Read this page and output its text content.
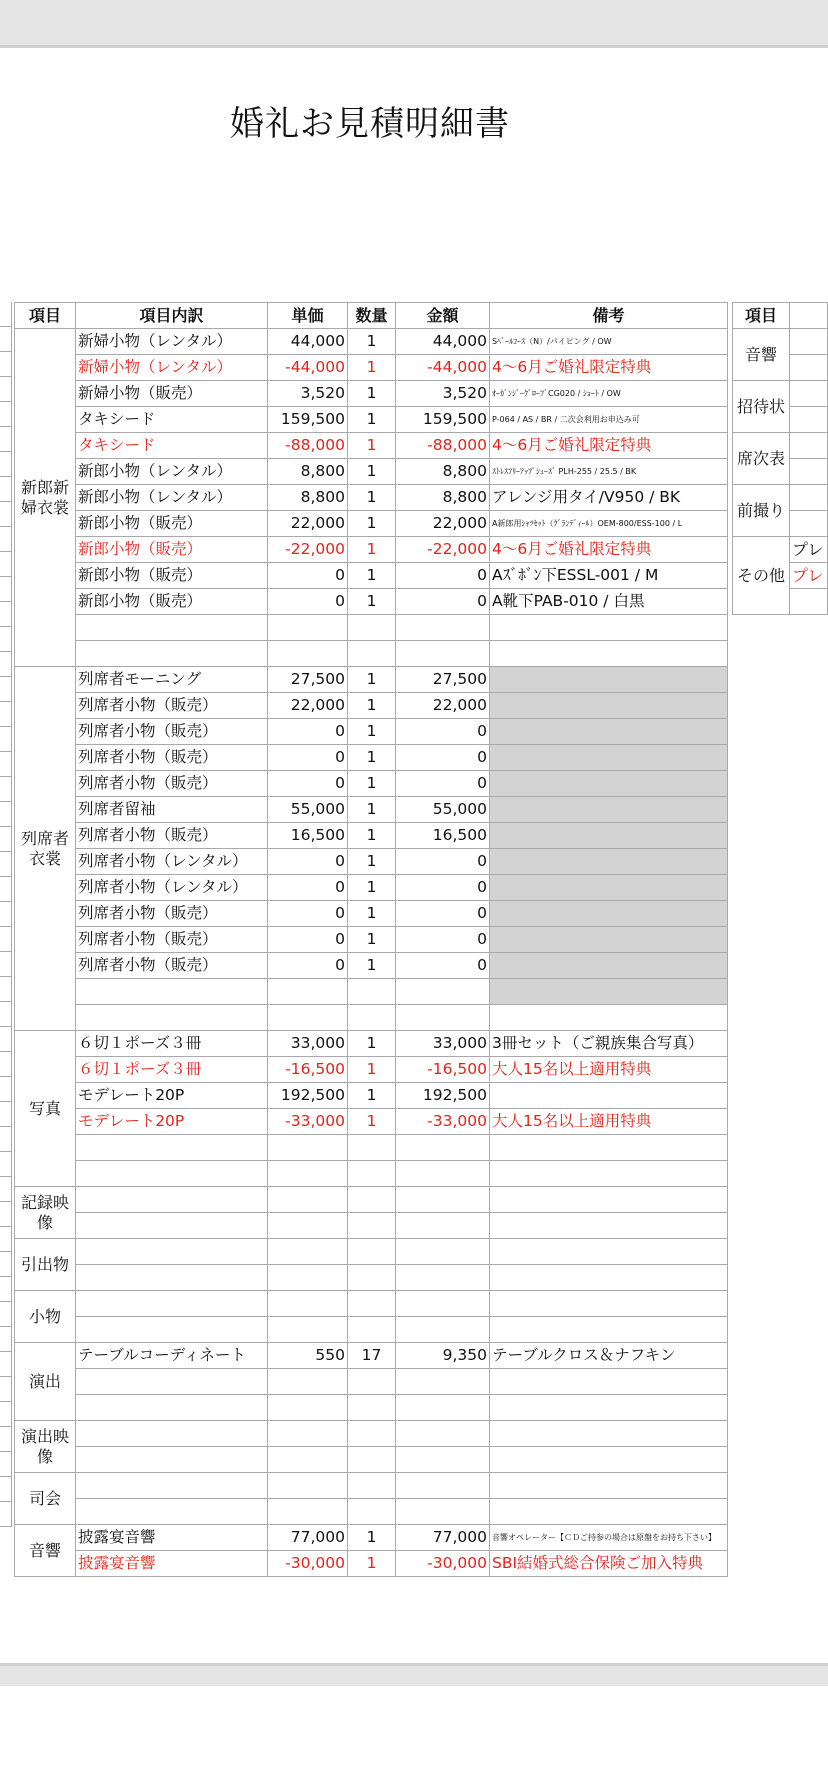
婚礼お見積明細書
項目	項目内訳	単価	数量	金額	備考
新郎新婦衣裳	新婦小物（レンタル）	44,000	1	44,000	Sﾍﾞｰﾙｺｰｽ（N）/パイピング / OW
	新婦小物（レンタル）	-44,000	1	-44,000	4～6月ご婚礼限定特典
	新婦小物（販売）	3,520	1	3,520	ｵｰｶﾞﾝｼﾞｰｸﾞﾛｰﾌﾞCG020 / ｼｮｰﾄ / OW
	タキシード	159,500	1	159,500	P-064 / AS / BR / 二次会利用お申込み可
	タキシード	-88,000	1	-88,000	4～6月ご婚礼限定特典
	新郎小物（レンタル）	8,800	1	8,800	ｽﾄﾚｽﾌﾘｰｱｯﾌﾟｼｭｰｽﾞ PLH-255 / 25.5 / BK
	新郎小物（レンタル）	8,800	1	8,800	アレンジ用タイ/V950 / BK
	新郎小物（販売）	22,000	1	22,000	A新郎用ｼｬﾂｾｯﾄ（ｸﾞﾗﾝﾃﾞｨｰﾙ）OEM-800/ESS-100 / L
	新郎小物（販売）	-22,000	1	-22,000	4～6月ご婚礼限定特典
	新郎小物（販売）	0	1	0	Aｽﾞﾎﾞﾝ下ESSL-001 / M
	新郎小物（販売）	0	1	0	A靴下PAB-010 / 白黒

列席者衣裳	列席者モーニング	27,500	1	27,500	
	列席者小物（販売）	22,000	1	22,000	
	列席者小物（販売）	0	1	0	
	列席者小物（販売）	0	1	0	
	列席者小物（販売）	0	1	0	
	列席者留袖	55,000	1	55,000	
	列席者小物（販売）	16,500	1	16,500	
	列席者小物（レンタル）	0	1	0	
	列席者小物（レンタル）	0	1	0	
	列席者小物（販売）	0	1	0	
	列席者小物（販売）	0	1	0	
	列席者小物（販売）	0	1	0	

写真	６切１ポーズ３冊	33,000	1	33,000	3冊セット（ご親族集合写真）
	６切１ポーズ３冊	-16,500	1	-16,500	大人15名以上適用特典
	モデレート20P	192,500	1	192,500	
	モデレート20P	-33,000	1	-33,000	大人15名以上適用特典

記録映像					

引出物					

小物					

演出	テーブルコーディネート	550	17	9,350	テーブルクロス＆ナフキン

演出映像					

司会					

音響	披露宴音響	77,000	1	77,000	音響オペレーター【ＣＤご持参の場合は原盤をお持ち下さい】
	披露宴音響	-30,000	1	-30,000	SBI結婚式総合保険ご加入特典
項目	
音響	

招待状	

席次表	

前撮り	

その他	プレ
	プレ
